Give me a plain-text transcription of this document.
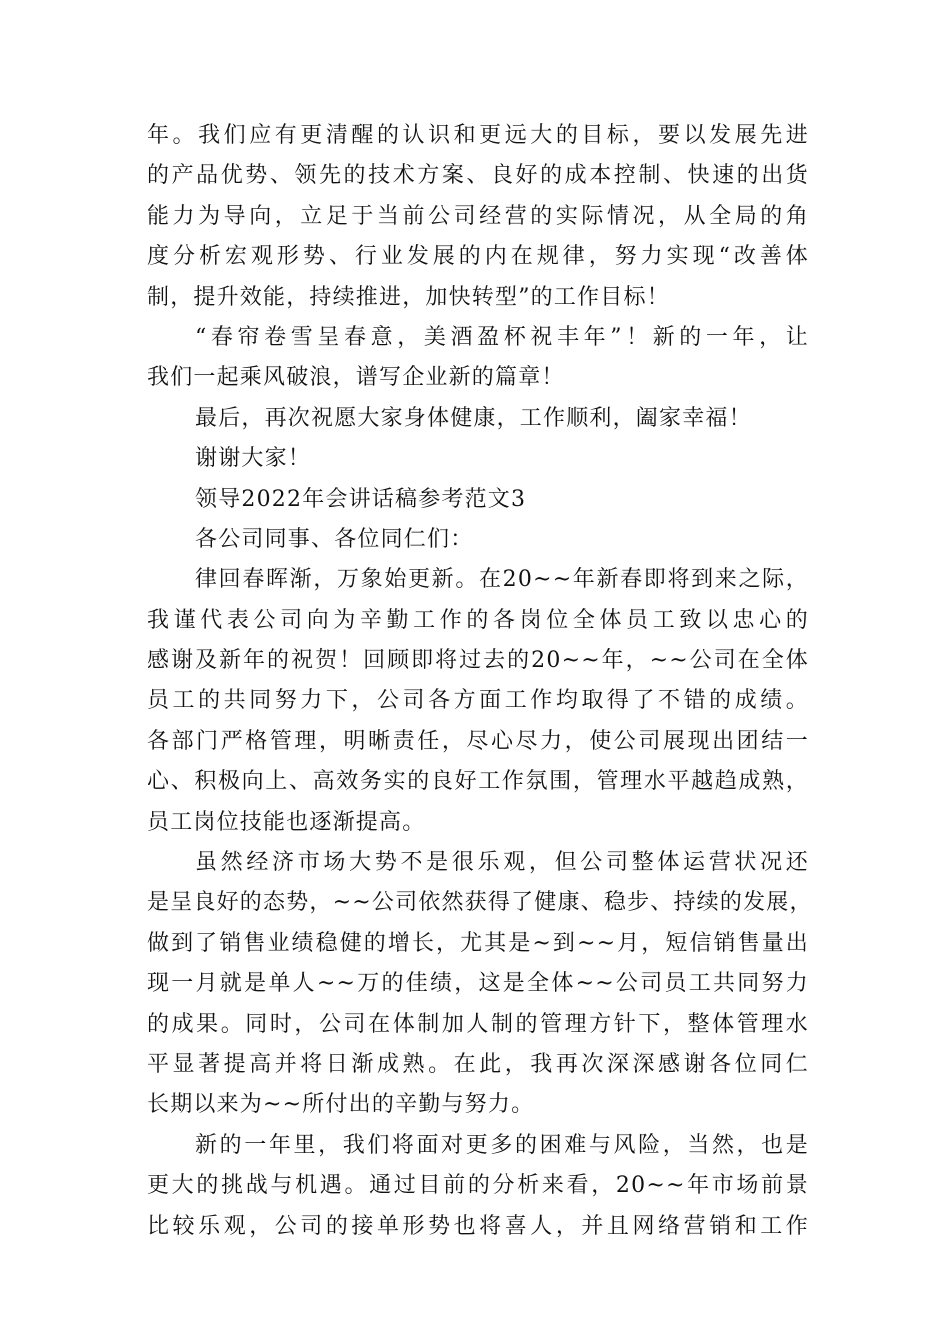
年。我们应有更清醒的认识和更远大的目标，要以发展先进
的产品优势、领先的技术方案、良好的成本控制、快速的出货
能力为导向，立足于当前公司经营的实际情况，从全局的角
度分析宏观形势、行业发展的内在规律，努力实现“改善体
制，提升效能，持续推进，加快转型”的工作目标！
“春帘卷雪呈春意，美酒盈杯祝丰年”！新的一年，让
我们一起乘风破浪，谱写企业新的篇章！
最后，再次祝愿大家身体健康，工作顺利，阖家幸福！
谢谢大家！
领导2022年会讲话稿参考范文3
各公司同事、各位同仁们：
律回春晖渐，万象始更新。在20~~年新春即将到来之际，
我谨代表公司向为辛勤工作的各岗位全体员工致以忠心的
感谢及新年的祝贺！回顾即将过去的20~~年，~~公司在全体
员工的共同努力下，公司各方面工作均取得了不错的成绩。
各部门严格管理，明晰责任，尽心尽力，使公司展现出团结一
心、积极向上、高效务实的良好工作氛围，管理水平越趋成熟，
员工岗位技能也逐渐提高。
虽然经济市场大势不是很乐观，但公司整体运营状况还
是呈良好的态势，~~公司依然获得了健康、稳步、持续的发展，
做到了销售业绩稳健的增长，尤其是~到~~月，短信销售量出
现一月就是单人~~万的佳绩，这是全体~~公司员工共同努力
的成果。同时，公司在体制加人制的管理方针下，整体管理水
平显著提高并将日渐成熟。在此，我再次深深感谢各位同仁
长期以来为~~所付出的辛勤与努力。
新的一年里，我们将面对更多的困难与风险，当然，也是
更大的挑战与机遇。通过目前的分析来看，20~~年市场前景
比较乐观，公司的接单形势也将喜人，并且网络营销和工作
